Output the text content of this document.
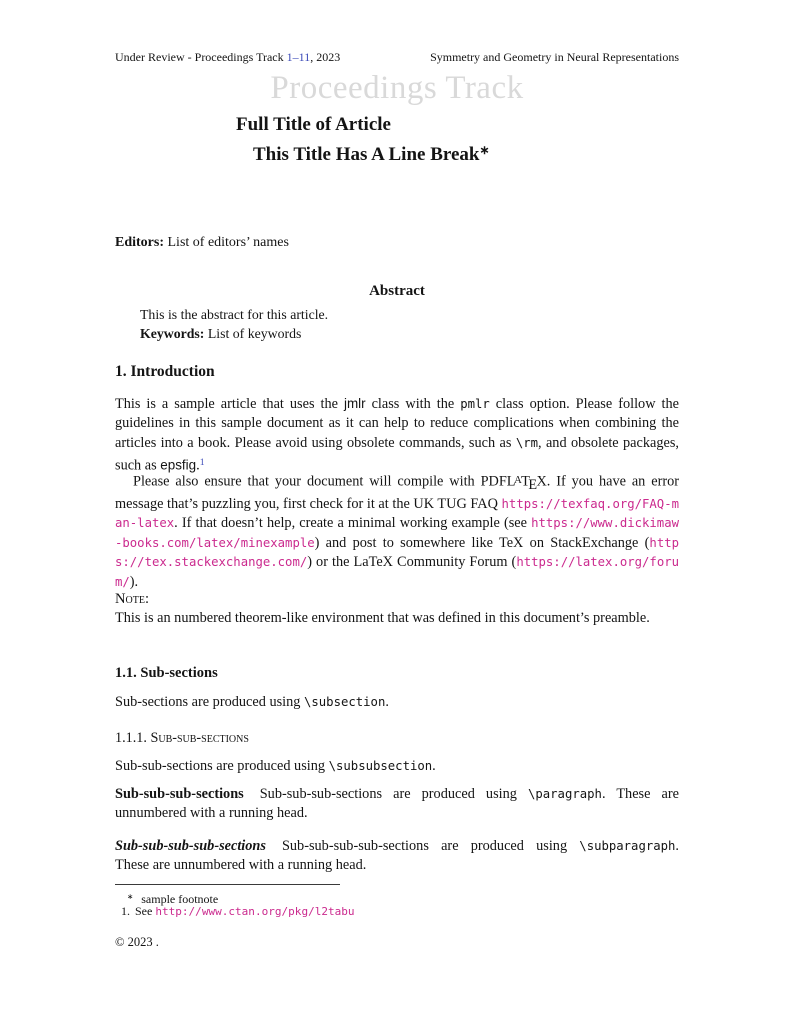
Under Review - Proceedings Track 1–11, 2023	Symmetry and Geometry in Neural Representations
Proceedings Track
Full Title of Article
This Title Has A Line Break∗
Editors: List of editors’ names
Abstract
This is the abstract for this article.
Keywords: List of keywords
1. Introduction
This is a sample article that uses the jmlr class with the pmlr class option. Please follow the guidelines in this sample document as it can help to reduce complications when combining the articles into a book. Please avoid using obsolete commands, such as \rm, and obsolete packages, such as epsfig.$^1$
Please also ensure that your document will compile with PDFLATEX. If you have an error message that’s puzzling you, first check for it at the UK TUG FAQ https://texfaq.org/FAQ-man-latex. If that doesn’t help, create a minimal working example (see https://www.dickimaw-books.com/latex/minexample) and post to somewhere like TeX on StackExchange (https://tex.stackexchange.com/) or the LaTeX Community Forum (https://latex.org/forum/).
Note:
This is an numbered theorem-like environment that was defined in this document’s preamble.
1.1. Sub-sections
Sub-sections are produced using \subsection.
1.1.1. Sub-sub-sections
Sub-sub-sections are produced using \subsubsection.
Sub-sub-sub-sections Sub-sub-sub-sections are produced using \paragraph. These are unnumbered with a running head.
Sub-sub-sub-sub-sections Sub-sub-sub-sub-sections are produced using \subparagraph. These are unnumbered with a running head.
∗ sample footnote
1. See http://www.ctan.org/pkg/l2tabu
© 2023 .
